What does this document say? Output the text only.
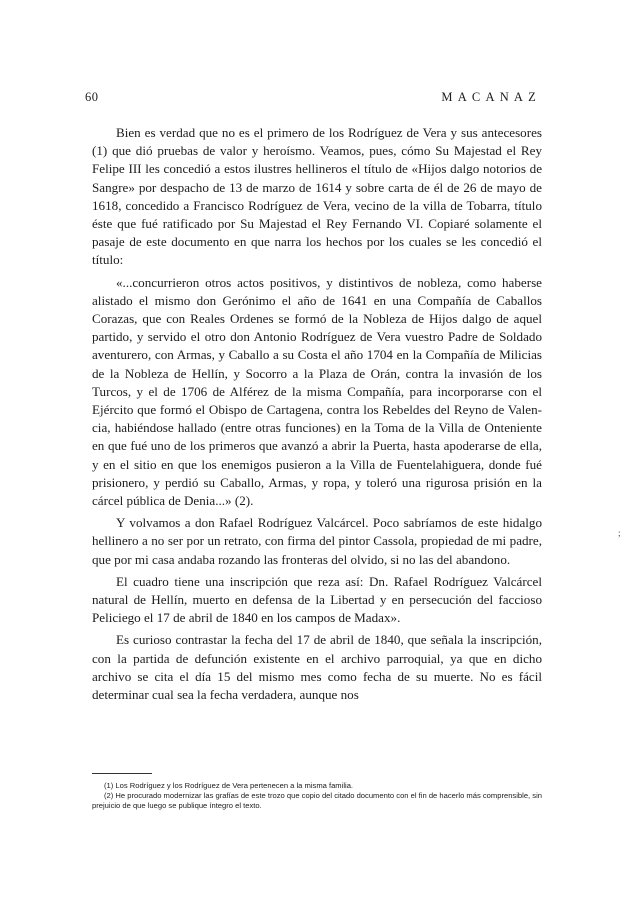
60	MACANAZ

Bien es verdad que no es el primero de los Rodríguez de Vera y sus antecesores (1) que dió pruebas de valor y heroísmo. Veamos, pues, cómo Su Majestad el Rey Felipe III les concedió a estos ilustres hellineros el título de «Hijos dalgo notorios de Sangre» por despacho de 13 de marzo de 1614 y sobre carta de él de 26 de mayo de 1618, concedido a Francisco Rodríguez de Vera, vecino de la villa de Tobarra, título éste que fué ratificado por Su Majestad el Rey Fernando VI. Copiaré solamente el pasaje de este documento en que narra los hechos por los cuales se les concedió el título:

«...concurrieron otros actos positivos, y distintivos de nobleza, como haberse alistado el mismo don Gerónimo el año de 1641 en una Compañía de Caballos Corazas, que con Reales Ordenes se formó de la Nobleza de Hijos dalgo de aquel partido, y servido el otro don Antonio Rodríguez de Vera vuestro Padre de Soldado aventurero, con Armas, y Caballo a su Costa el año 1704 en la Compañía de Milicias de la Nobleza de Hellín, y Socorro a la Plaza de Orán, contra la invasión de los Turcos, y el de 1706 de Alférez de la misma Compañía, para incorporarse con el Ejército que formó el Obispo de Cartagena, contra los Rebeldes del Reyno de Valencia, habiéndose hallado (entre otras funciones) en la Toma de la Villa de Onteniente en que fué uno de los primeros que avanzó a abrir la Puerta, hasta apoderarse de ella, y en el sitio en que los enemigos pusieron a la Villa de Fuentelahiguera, donde fué prisionero, y perdió su Caballo, Armas, y ropa, y toleró una rigurosa prisión en la cárcel pública de Denia...» (2).

Y volvamos a don Rafael Rodríguez Valcárcel. Poco sabríamos de este hidalgo hellinero a no ser por un retrato, con firma del pintor Cassola, propiedad de mi padre, que por mi casa andaba rozando las fronteras del olvido, si no las del abandono.

El cuadro tiene una inscripción que reza así: Dn. Rafael Rodríguez Valcárcel natural de Hellín, muerto en defensa de la Libertad y en persecución del faccioso Peliciego el 17 de abril de 1840 en los campos de Madax».

Es curioso contrastar la fecha del 17 de abril de 1840, que señala la inscripción, con la partida de defunción existente en el archivo parroquial, ya que en dicho archivo se cita el día 15 del mismo mes como fecha de su muerte. No es fácil determinar cual sea la fecha verdadera, aunque nos

(1) Los Rodríguez y los Rodríguez de Vera pertenecen a la misma familia.

(2) He procurado modernizar las grafías de este trozo que copio del citado documento con el fin de hacerlo más comprensible, sin prejuicio de que luego se publique íntegro el texto.

;
